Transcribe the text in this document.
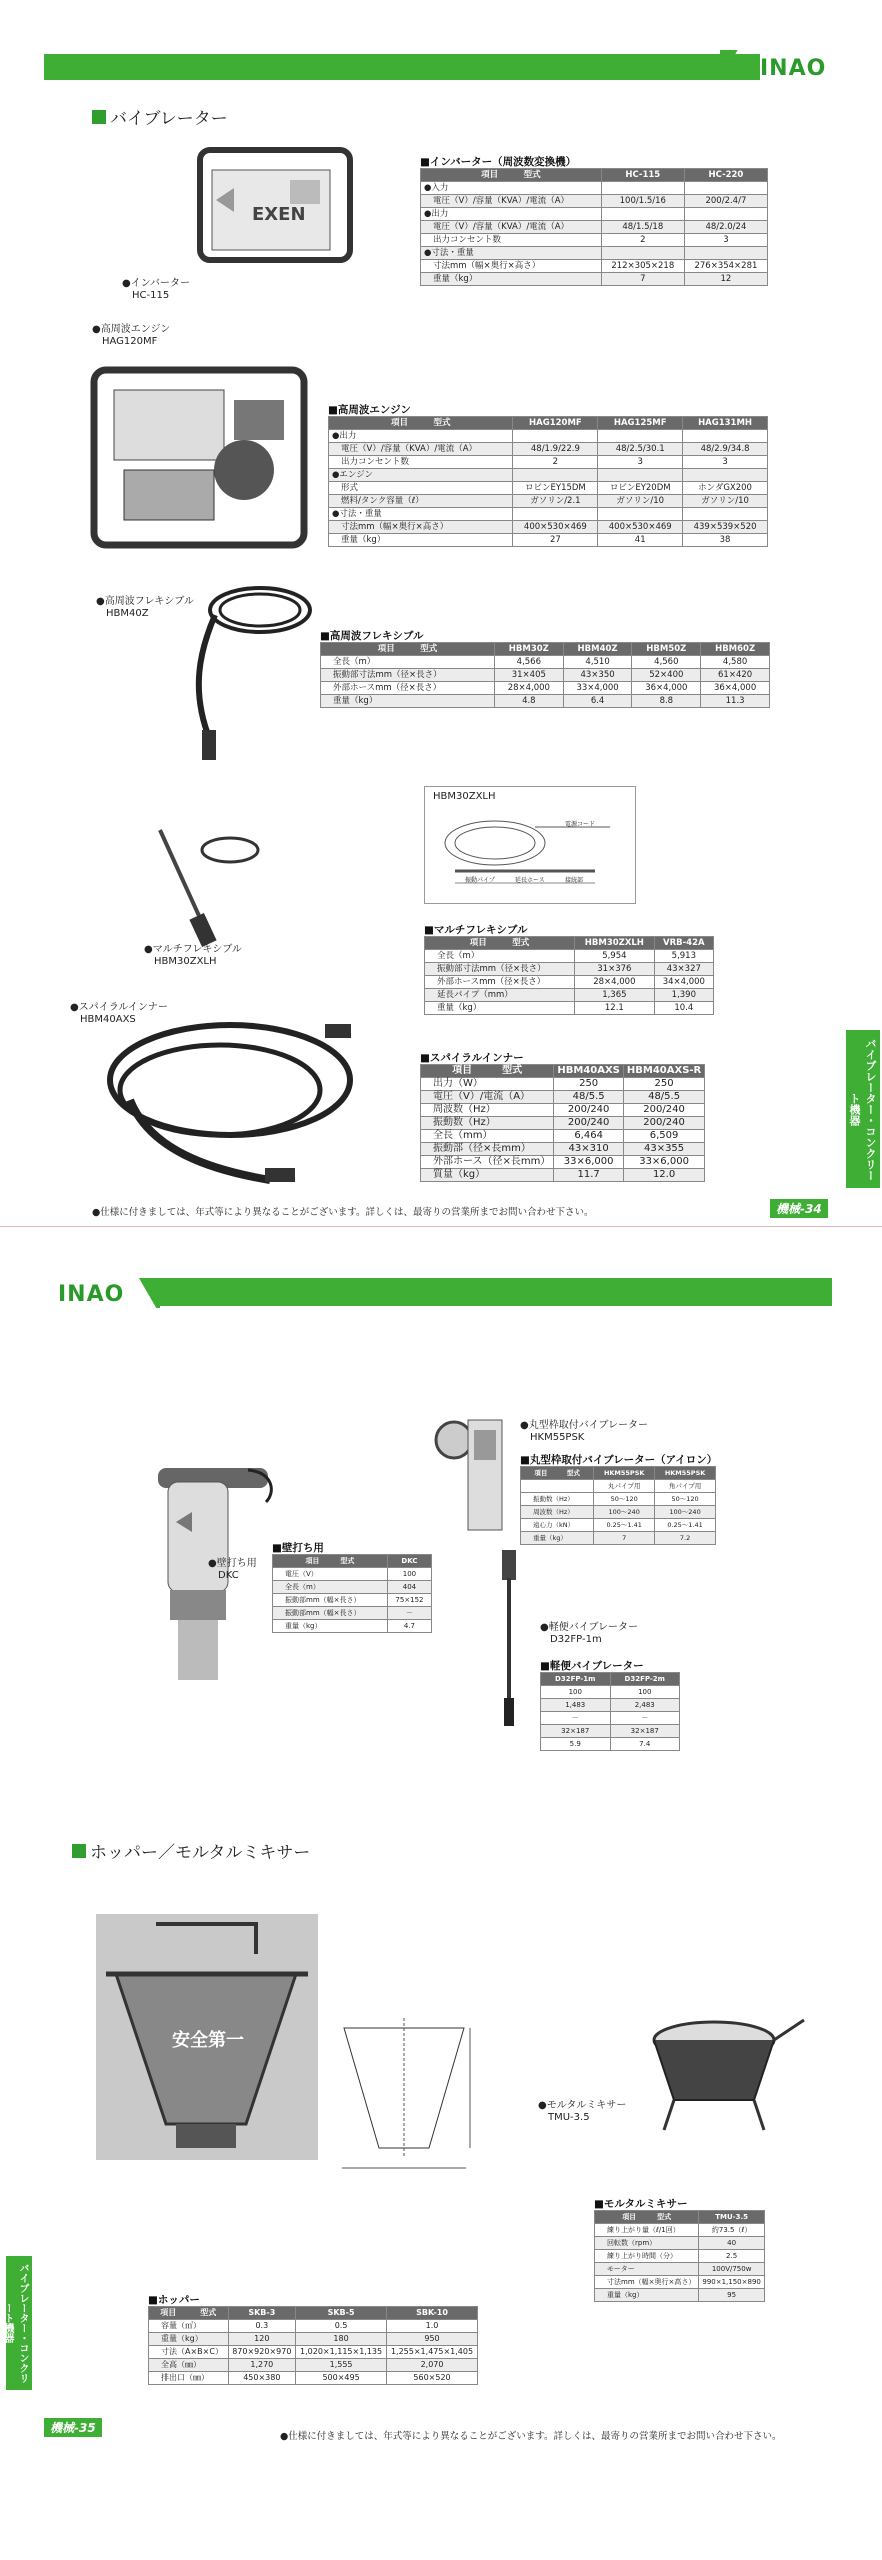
INAO
バイブレーター
EXEN
●インバーター
HC-115
■インバーター（周波数変換機）
項目　　　型式	HC-115	HC-220
●入力		
電圧（V）/容量（KVA）/電流（A）	100/1.5/16	200/2.4/7
●出力		
電圧（V）/容量（KVA）/電流（A）	48/1.5/18	48/2.0/24
出力コンセント数	2	3
●寸法・重量		
寸法mm（幅×奥行×高さ）	212×305×218	276×354×281
重量（kg）	7	12
●高周波エンジン
HAG120MF
■高周波エンジン
項目　　　型式	HAG120MF	HAG125MF	HAG131MH
●出力			
電圧（V）/容量（KVA）/電流（A）	48/1.9/22.9	48/2.5/30.1	48/2.9/34.8
出力コンセント数	2	3	3
●エンジン			
形式	ロビンEY15DM	ロビンEY20DM	ホンダGX200
燃料/タンク容量（ℓ）	ガソリン/2.1	ガソリン/10	ガソリン/10
●寸法・重量			
寸法mm（幅×奥行×高さ）	400×530×469	400×530×469	439×539×520
重量（kg）	27	41	38
●高周波フレキシブル
HBM40Z
■高周波フレキシブル
項目　　　型式	HBM30Z	HBM40Z	HBM50Z	HBM60Z
全長（m）	4,566	4,510	4,560	4,580
振動部寸法mm（径×長さ）	31×405	43×350	52×400	61×420
外部ホースmm（径×長さ）	28×4,000	33×4,000	36×4,000	36×4,000
重量（kg）	4.8	6.4	8.8	11.3
●マルチフレキシブル
HBM30ZXLH
HBM30ZXLH
電源コード
振動パイプ	延長ホース	接続部
■マルチフレキシブル
項目　　　型式	HBM30ZXLH	VRB-42A
全長（m）	5,954	5,913
振動部寸法mm（径×長さ）	31×376	43×327
外部ホースmm（径×長さ）	28×4,000	34×4,000
延長パイプ（mm）	1,365	1,390
重量（kg）	12.1	10.4
●スパイラルインナー
HBM40AXS
■スパイラルインナー
項目　　　型式	HBM40AXS	HBM40AXS-R
出力（W）	250	250
電圧（V）/電流（A）	48/5.5	48/5.5
周波数（Hz）	200/240	200/240
振動数（Hz）	200/240	200/240
全長（mm）	6,464	6,509
振動部（径×長mm）	43×310	43×355
外部ホース（径×長mm）	33×6,000	33×6,000
質量（kg）	11.7	12.0	バイブレーター・コンクリート機器
機械-34
●仕様に付きましては、年式等により異なることがございます。詳しくは、最寄りの営業所までお問い合わせ下さい。
INAO
●壁打ち用
DKC
■壁打ち用
項目　　　型式	DKC
電圧（V）	100
全長（m）	404
振動部mm（幅×長さ）	75×152
振動部mm（幅×長さ）	－
重量（kg）	4.7
●丸型枠取付バイブレーター
HKM55PSK
■丸型枠取付バイブレーター（アイロン）
項目　　　型式	HKM55PSK	HKM55PSK
	丸パイプ用	角パイプ用
振動数（Hz）	50～120	50～120
周波数（Hz）	100～240	100～240
遠心力（kN）	0.25～1.41	0.25～1.41
重量（kg）	7	7.2
●軽便バイブレーター
D32FP-1m
■軽便バイブレーター
D32FP-1m	D32FP-2m
100	100
1,483	2,483
－	－
32×187	32×187
5.9	7.4
ホッパー／モルタルミキサー
安全第一
●モルタルミキサー
TMU-3.5
■モルタルミキサー
項目　　　型式	TMU-3.5
練り上がり量（ℓ/1回）	約73.5（ℓ）
回転数（rpm）	40
練り上がり時間（分）	2.5
モーター	100V/750w
寸法mm（幅×奥行×高さ）	990×1,150×890
重量（kg）	95
■ホッパー
項目　　　型式	SKB-3	SKB-5	SBK-10
容量（㎥）	0.3	0.5	1.0
重量（kg）	120	180	950
寸法（A×B×C）	870×920×970	1,020×1,115×1,135	1,255×1,475×1,405
全高（㎜）	1,270	1,555	2,070
排出口（㎜）	450×380	500×495	560×520
バイブレーター・コンクリート機器
機械-35
●仕様に付きましては、年式等により異なることがございます。詳しくは、最寄りの営業所までお問い合わせ下さい。
